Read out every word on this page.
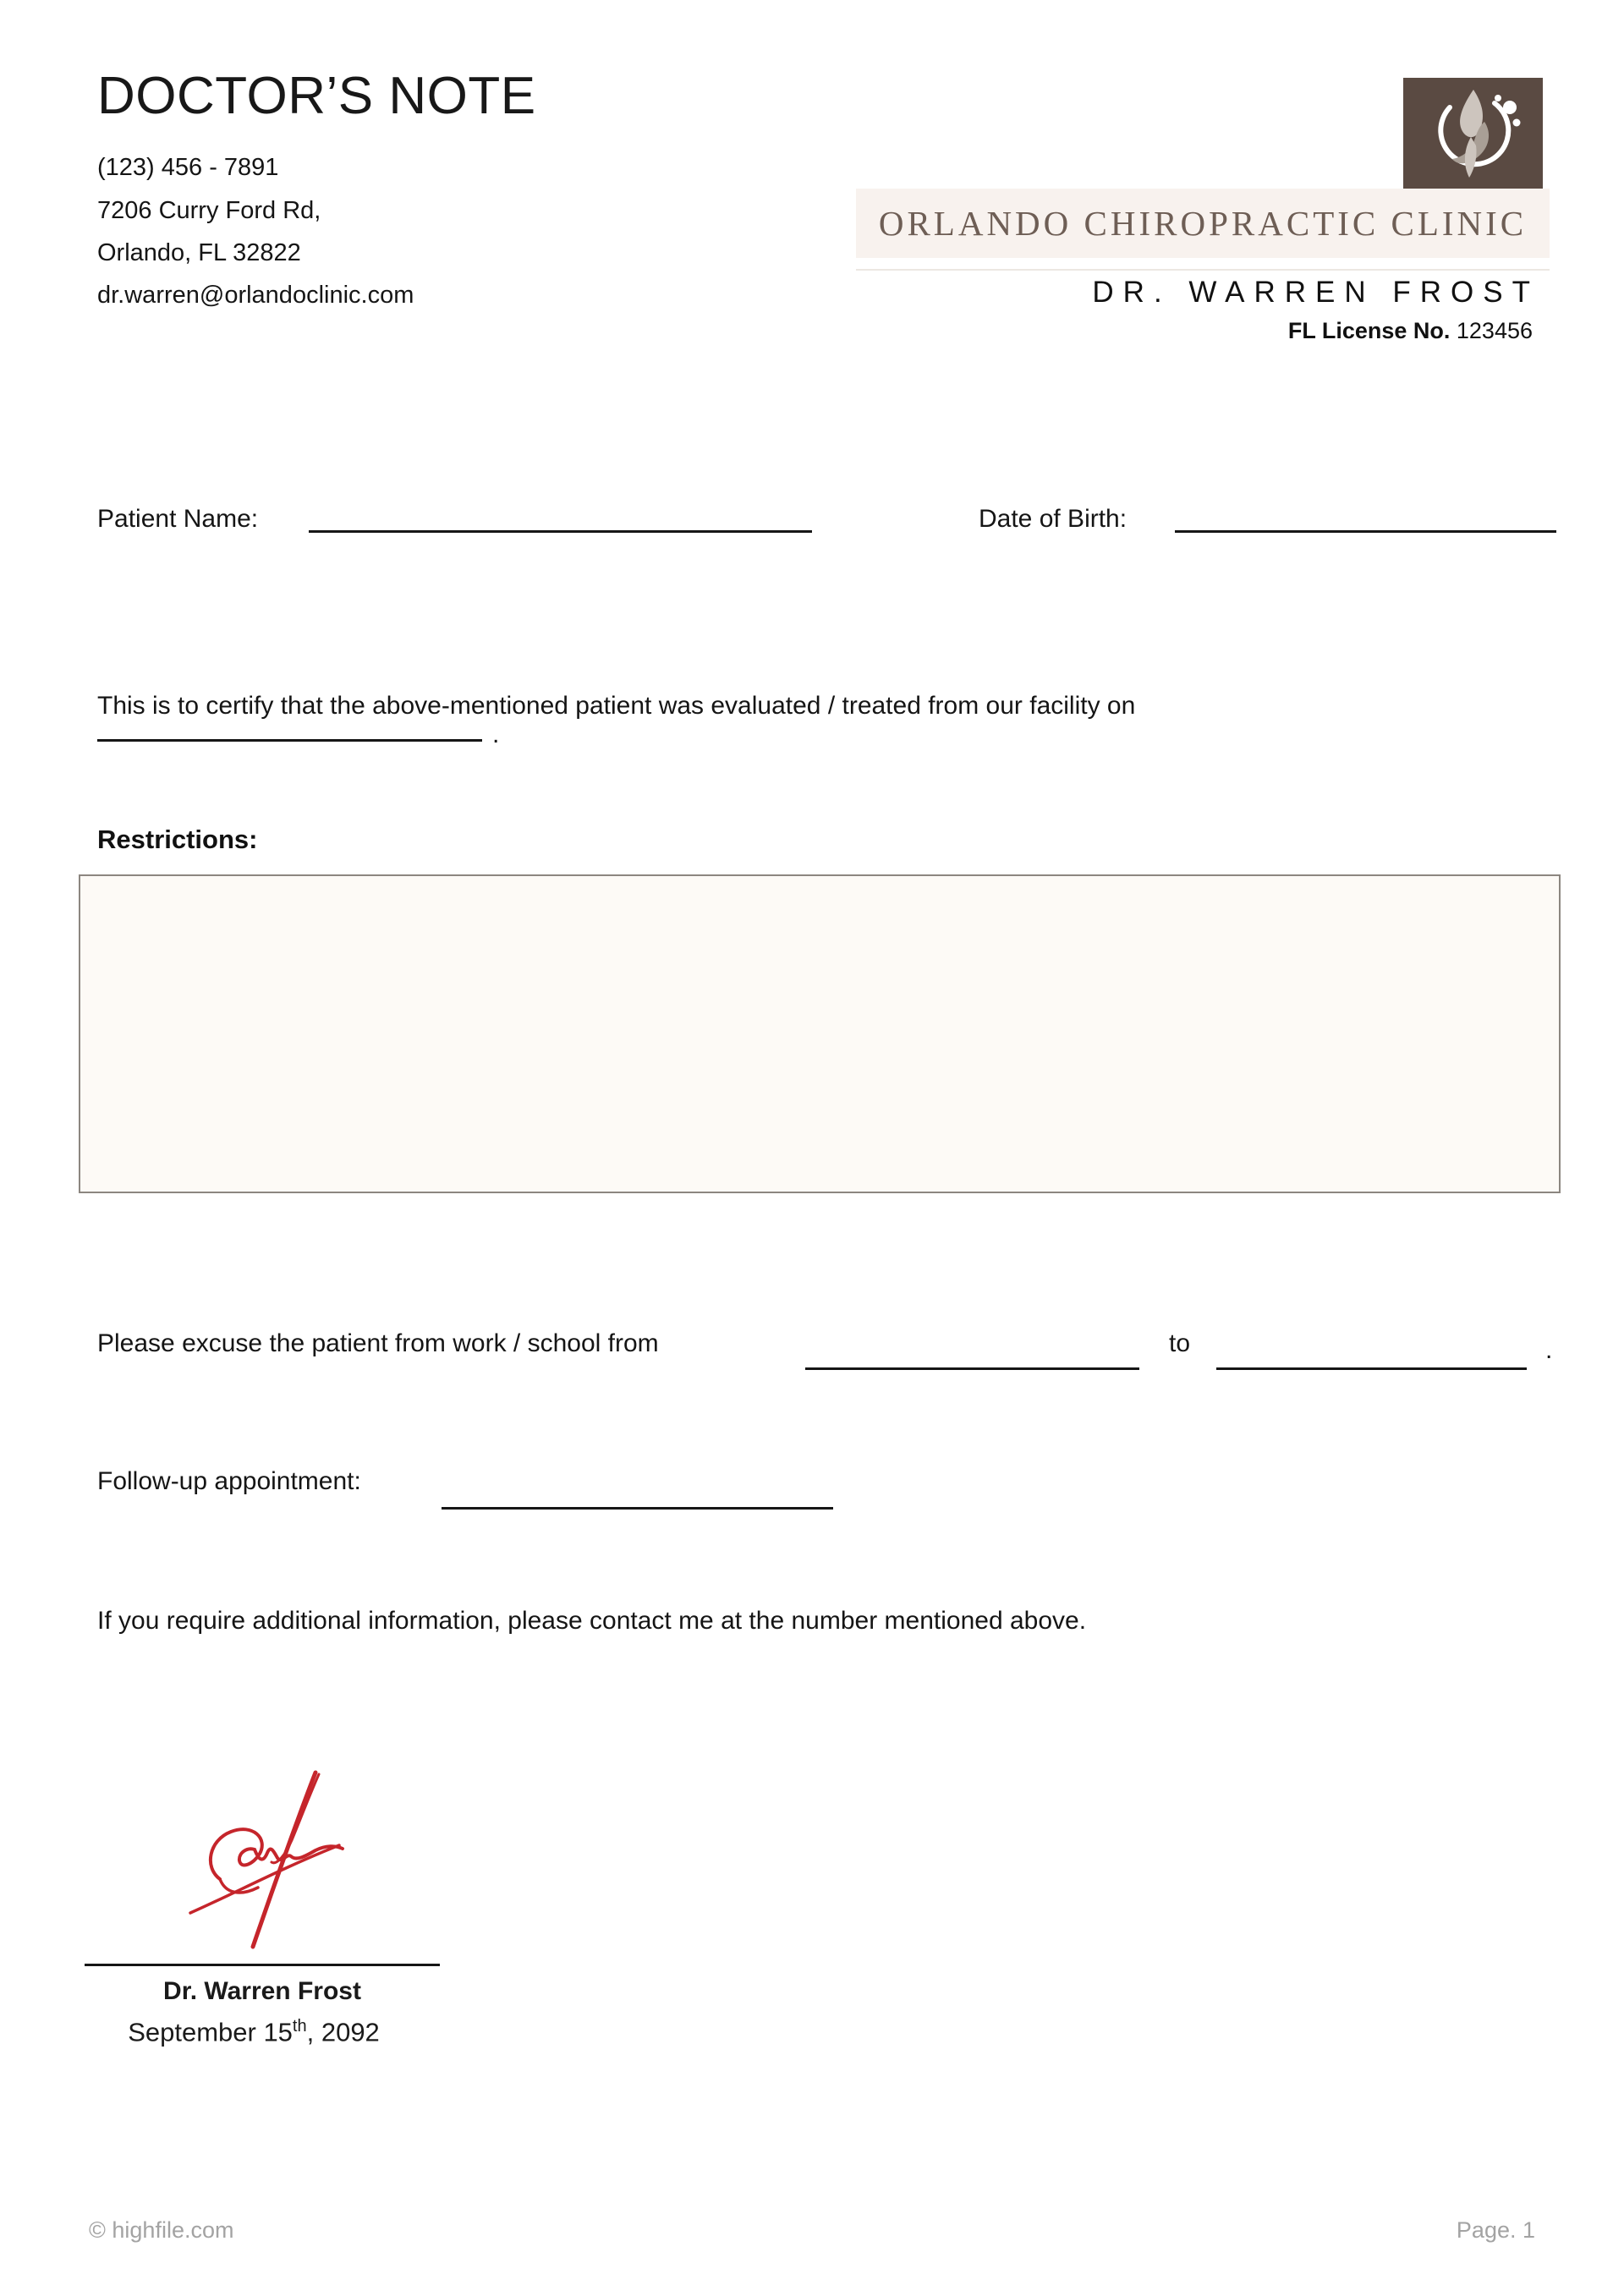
DOCTOR’S NOTE
(123) 456 - 7891
7206 Curry Ford Rd,
Orlando, FL 32822
dr.warren@orlandoclinic.com
ORLANDO CHIROPRACTIC CLINIC
DR. WARREN FROST
FL License No. 123456
Patient Name:	Date of Birth:
This is to certify that the above-mentioned patient was evaluated / treated from our facility on
.
Restrictions:
Please excuse the patient from work / school from	to	.
Follow-up appointment:
If you require additional information, please contact me at the number mentioned above.
Dr. Warren Frost
September 15th, 2092
© highfile.com	Page. 1
